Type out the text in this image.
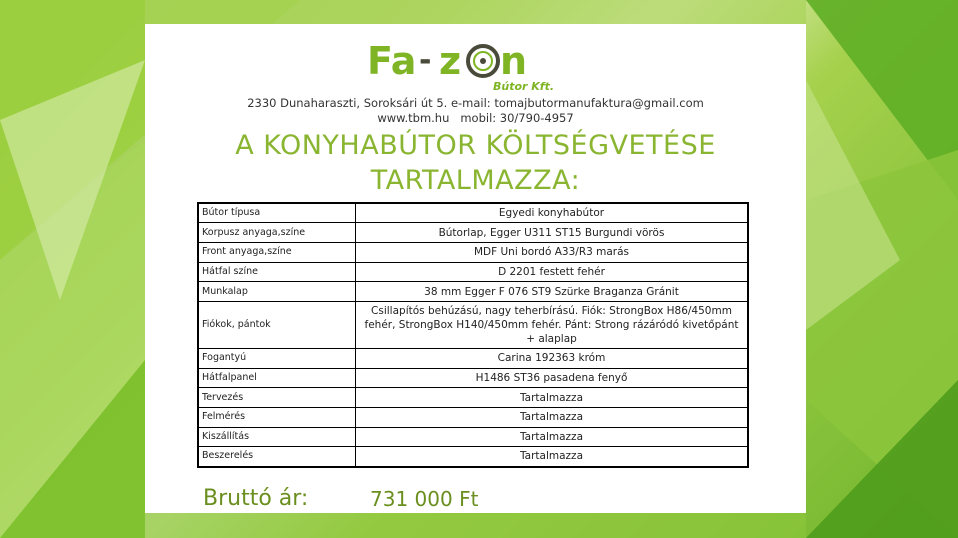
Fa - z n
Bútor Kft.
2330 Dunaharaszti, Soroksári út 5. e-mail: tomajbutormanufaktura@gmail.com
www.tbm.hu   mobil: 30/790-4957
A KONYHABÚTOR KÖLTSÉGVETÉSE
TARTALMAZZA:
Bútor típusa	Egyedi konyhabútor
Korpusz anyaga,színe	Bútorlap, Egger U311 ST15 Burgundi vörös
Front anyaga,színe	MDF Uni bordó A33/R3 marás
Hátfal színe	D 2201 festett fehér
Munkalap	38 mm Egger F 076 ST9 Szürke Braganza Gránit
Fiókok, pántok	Csillapítós behúzású, nagy teherbírású. Fiók: StrongBox H86/450mm fehér, StrongBox H140/450mm fehér. Pánt: Strong rázáródó kivetőpánt + alaplap
Fogantyú	Carina 192363 króm
Hátfalpanel	H1486 ST36 pasadena fenyő
Tervezés	Tartalmazza
Felmérés	Tartalmazza
Kiszállítás	Tartalmazza
Beszerelés	Tartalmazza
Bruttó ár:	731 000 Ft
